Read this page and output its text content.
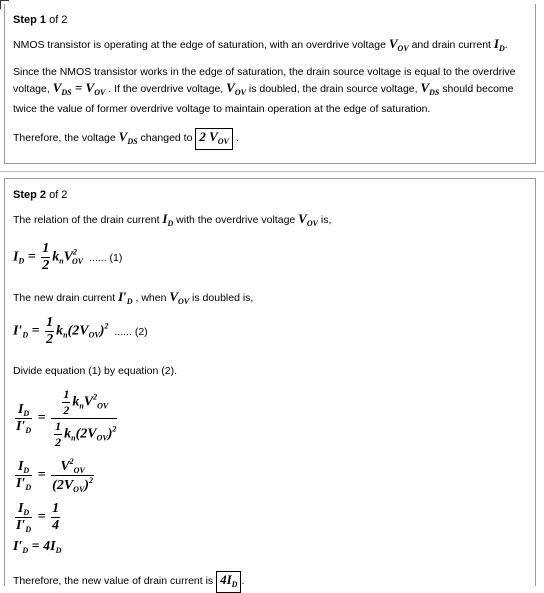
Step 1 of 2
NMOS transistor is operating at the edge of saturation, with an overdrive voltage $V_{OV}$ and drain current $I_D$.
Since the NMOS transistor works in the edge of saturation, the drain source voltage is equal to the overdrive voltage, $V_{DS} = V_{OV}$ . If the overdrive voltage, $V_{OV}$ is doubled, the drain source voltage, $V_{DS}$ should become twice the value of former overdrive voltage to maintain operation at the edge of saturation.
Therefore, the voltage $V_{DS}$ changed to 2 $V_{OV}$ .
Step 2 of 2
The relation of the drain current $I_D$ with the overdrive voltage $V_{OV}$ is,
$I_D = \frac{1}{2} k_nV^2_{OV}$ ...... (1)
The new drain current $I'_D$ , when $V_{OV}$ is doubled is,
$I'_D = \frac{1}{2} k_n(2V_{OV})^2$ ...... (2)
Divide equation (1) by equation (2).
$\frac{I_D}{I'_D} = \frac{\frac{1}{2} k_nV^2_{OV}}{\frac{1}{2} k_n(2V_{OV})^2}$
$\frac{I_D}{I'_D} = \frac{V^2_{OV}}{(2V_{OV})^2}$
$\frac{I_D}{I'_D} = \frac{1}{4}$
$I'_D = 4I_D$
Therefore, the new value of drain current is $4I_D$ .
